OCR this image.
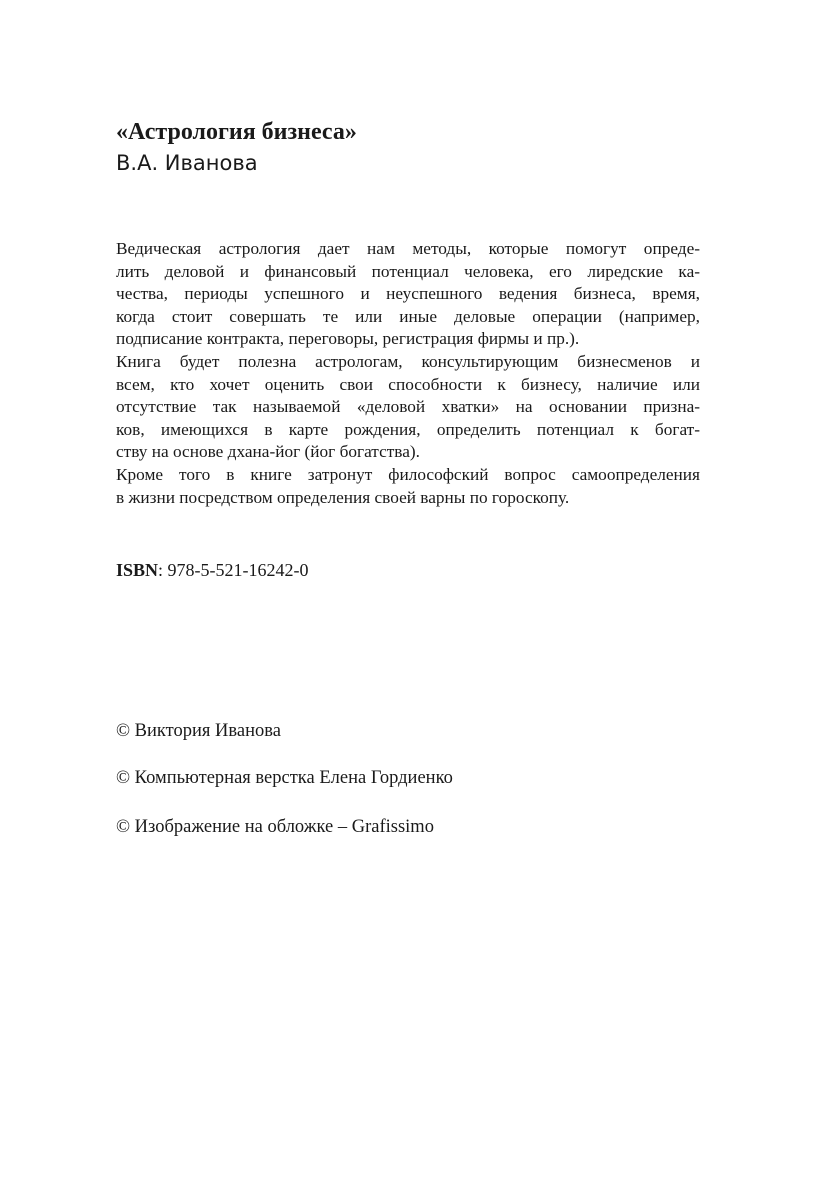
«Астрология бизнеса»
В.А. Иванова
Ведическая астрология дает нам методы, которые помогут опреде-
лить деловой и финансовый потенциал человека, его лиредские ка-
чества, периоды успешного и неуспешного ведения бизнеса, время,
когда стоит совершать те или иные деловые операции (например,
подписание контракта, переговоры, регистрация фирмы и пр.).
Книга будет полезна астрологам, консультирующим бизнесменов и
всем, кто хочет оценить свои способности к бизнесу, наличие или
отсутствие так называемой «деловой хватки» на основании призна-
ков, имеющихся в карте рождения, определить потенциал к богат-
ству на основе дхана-йог (йог богатства).
Кроме того в книге затронут философский вопрос самоопределения
в жизни посредством определения своей варны по гороскопу.
ISBN: 978-5-521-16242-0
© Виктория Иванова
© Компьютерная верстка Елена Гордиенко
© Изображение на обложке – Grafissimo
